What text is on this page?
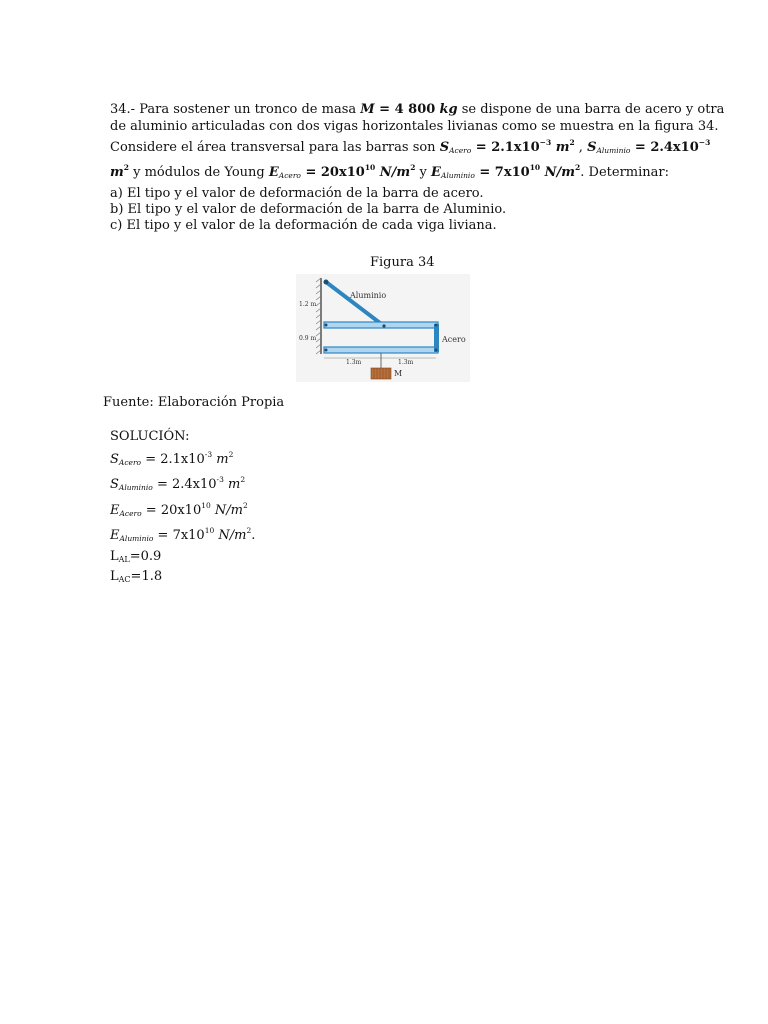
34.- Para sostener un tronco de masa M = 4 800 kg se dispone de una barra de acero y otra
de aluminio articuladas con dos vigas horizontales livianas como se muestra en la figura 34.
Considere el área transversal para las barras son $S_{Acero} = 2.1x10^{-3}$ $m^2$ , $S_{Aluminio} = 2.4x10^{-3}$
$m^2$ y módulos de Young $E_{Acero} = 20x10^{10}$ $N/m^2$ y $E_{Aluminio} = 7x10^{10}$ $N/m^2$. Determinar:
a) El tipo y el valor de deformación de la barra de acero.
b) El tipo y el valor de deformación de la barra de Aluminio.
c) El tipo y el valor de la deformación de cada viga liviana.
Figura 34
Aluminio
Acero
M
1.2 m
0.9 m
1.3m	1.3m
Fuente: Elaboración Propia
SOLUCIÓN:
$S_{Acero} = 2.1x10^{-3}$ $m^2$
$S_{Aluminio} = 2.4x10^{-3}$ $m^2$
$E_{Acero} = 20x10^{10}$ $N/m^2$
$E_{Aluminio} = 7x10^{10}$ $N/m^2$.
LAL=0.9
LAC=1.8
